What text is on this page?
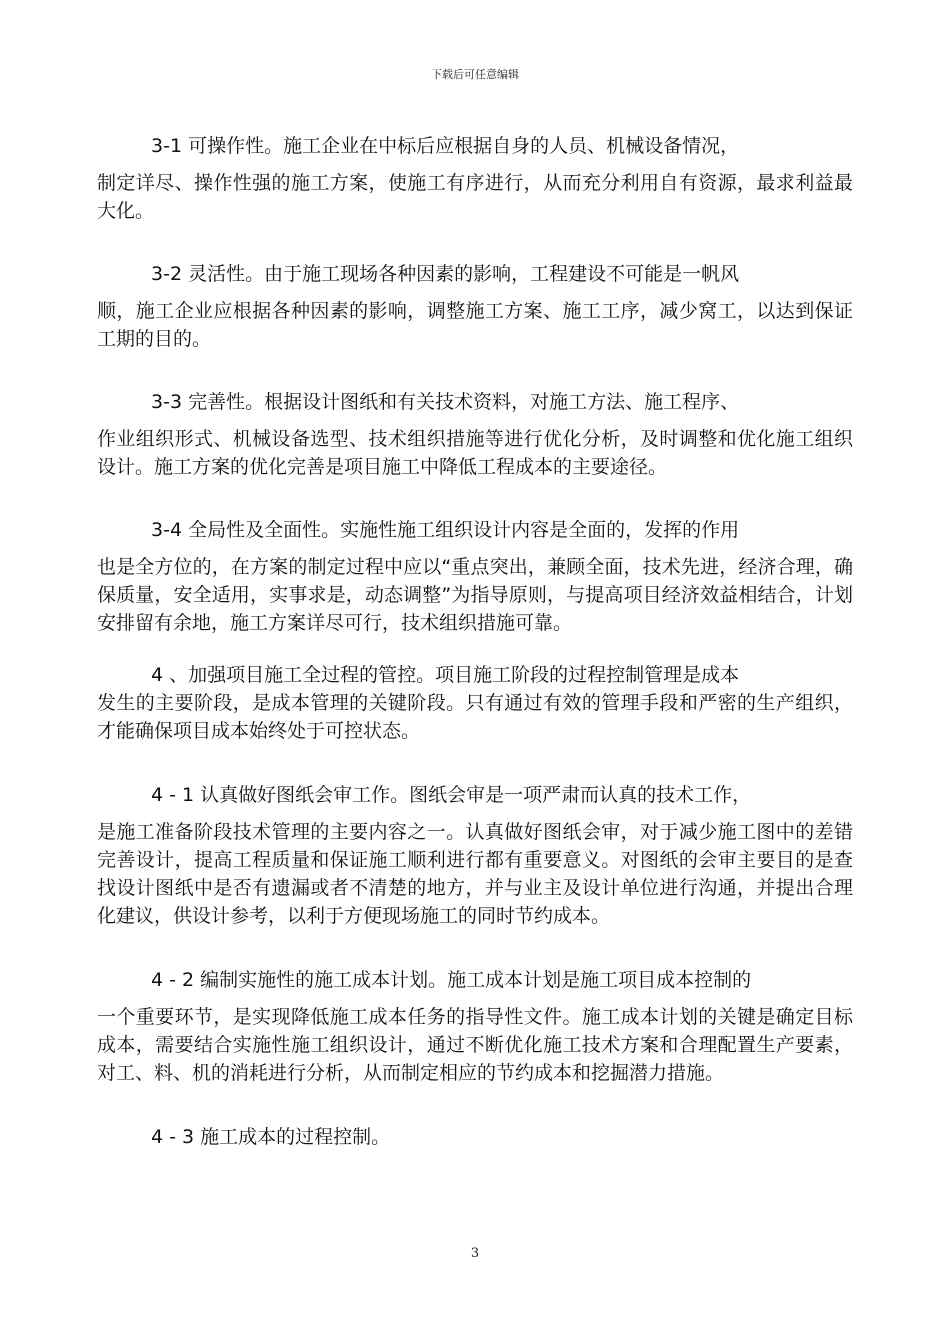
下载后可任意编辑

3-1 可操作性。施工企业在中标后应根据自身的人员、机械设备情况，
制定详尽、操作性强的施工方案，使施工有序进行，从而充分利用自有资源，最求利益最大化。

3-2 灵活性。由于施工现场各种因素的影响，工程建设不可能是一帆风
顺，施工企业应根据各种因素的影响，调整施工方案、施工工序，减少窝工，以达到保证工期的目的。

3-3 完善性。根据设计图纸和有关技术资料，对施工方法、施工程序、
作业组织形式、机械设备选型、技术组织措施等进行优化分析，及时调整和优化施工组织设计。施工方案的优化完善是项目施工中降低工程成本的主要途径。

3-4 全局性及全面性。实施性施工组织设计内容是全面的，发挥的作用
也是全方位的，在方案的制定过程中应以“重点突出，兼顾全面，技术先进，经济合理，确保质量，安全适用，实事求是，动态调整”为指导原则，与提高项目经济效益相结合，计划安排留有余地，施工方案详尽可行，技术组织措施可靠。

4 、加强项目施工全过程的管控。项目施工阶段的过程控制管理是成本
发生的主要阶段，是成本管理的关键阶段。只有通过有效的管理手段和严密的生产组织，才能确保项目成本始终处于可控状态。

4 - 1 认真做好图纸会审工作。图纸会审是一项严肃而认真的技术工作，
是施工准备阶段技术管理的主要内容之一。认真做好图纸会审，对于减少施工图中的差错完善设计，提高工程质量和保证施工顺利进行都有重要意义。对图纸的会审主要目的是查找设计图纸中是否有遗漏或者不清楚的地方，并与业主及设计单位进行沟通，并提出合理化建议，供设计参考，以利于方便现场施工的同时节约成本。

4 - 2 编制实施性的施工成本计划。施工成本计划是施工项目成本控制的
一个重要环节，是实现降低施工成本任务的指导性文件。施工成本计划的关键是确定目标成本，需要结合实施性施工组织设计，通过不断优化施工技术方案和合理配置生产要素，对工、料、机的消耗进行分析，从而制定相应的节约成本和挖掘潜力措施。

4 - 3 施工成本的过程控制。

3
